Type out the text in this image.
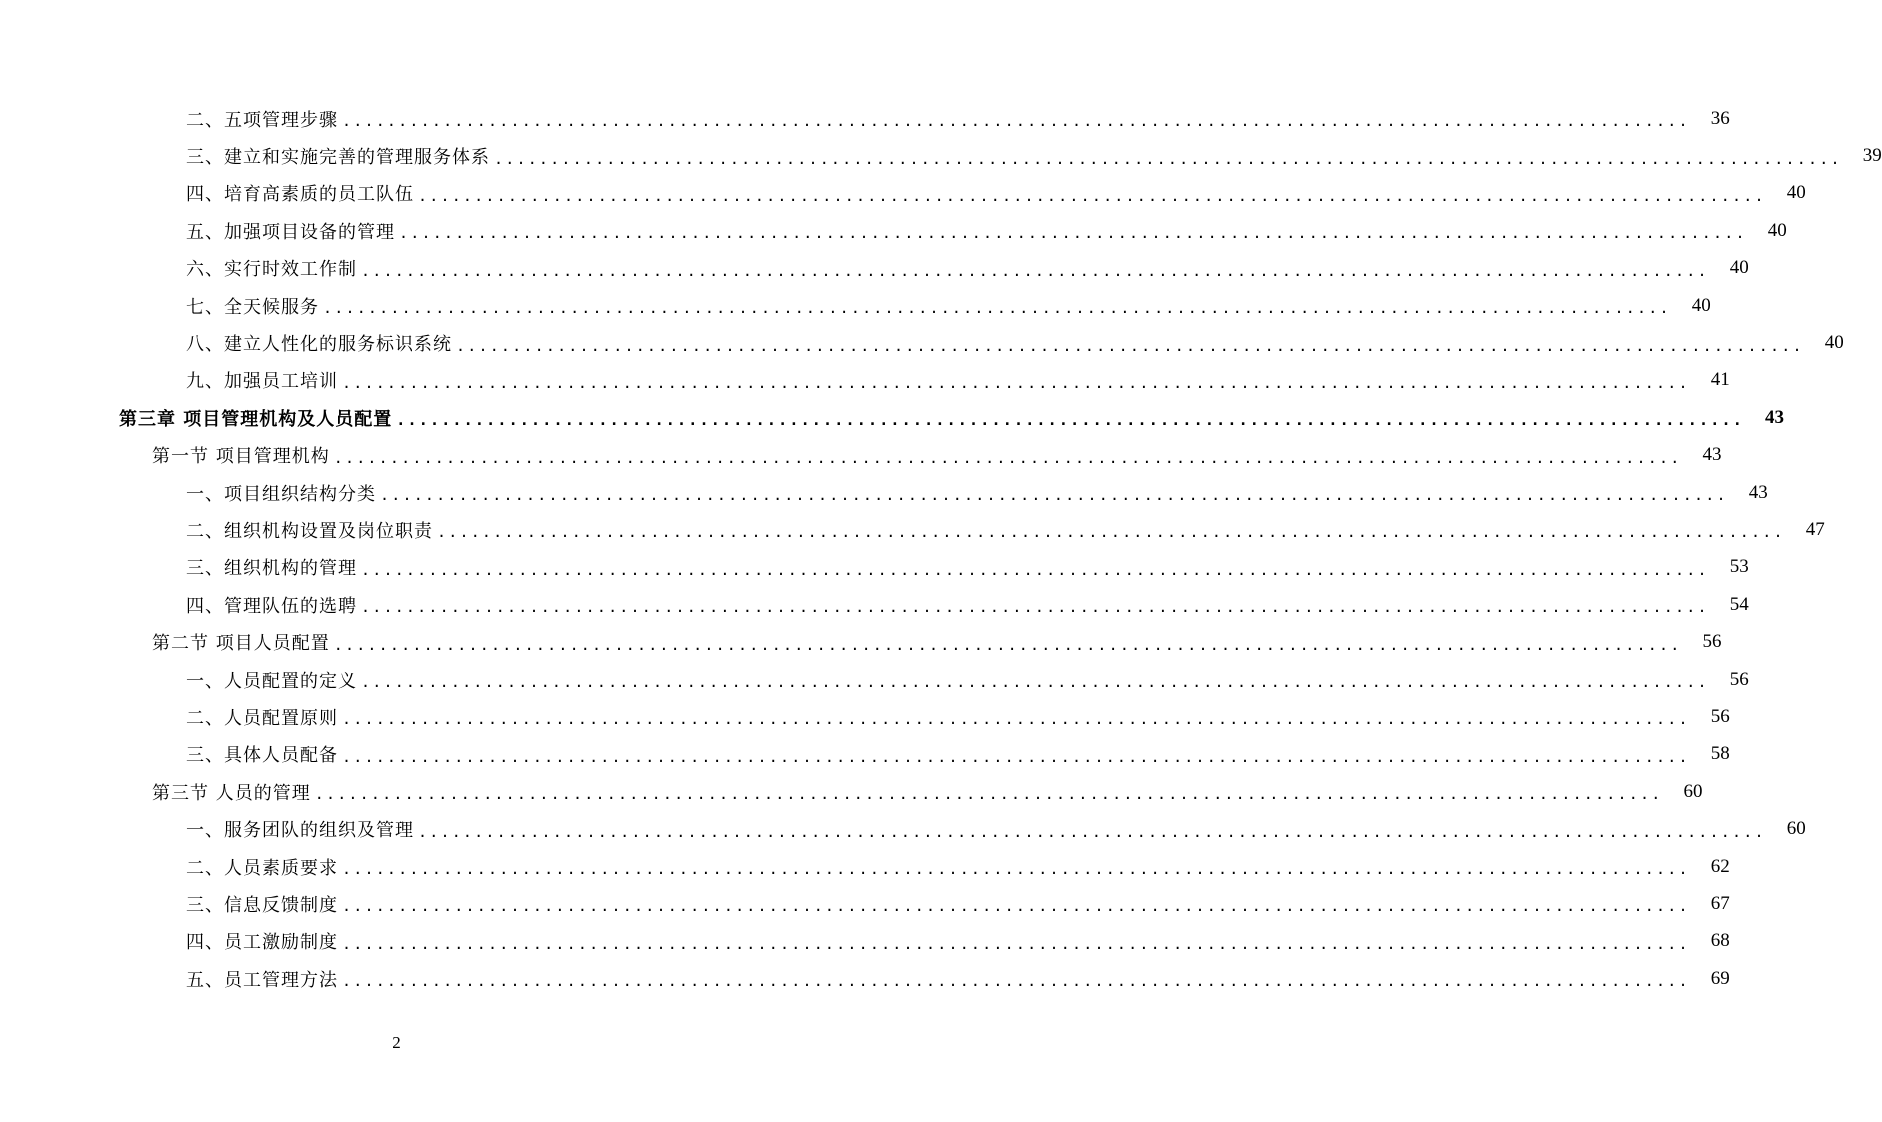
二、五项管理步骤 ........................................................................................................................	36
三、建立和实施完善的管理服务体系 ........................................................................................................................	39
四、培育高素质的员工队伍 ........................................................................................................................	40
五、加强项目设备的管理 ........................................................................................................................	40
六、实行时效工作制 ........................................................................................................................	40
七、全天候服务 ........................................................................................................................	40
八、建立人性化的服务标识系统 ........................................................................................................................	40
九、加强员工培训 ........................................................................................................................	41
第三章 项目管理机构及人员配置 ........................................................................................................................	43
第一节 项目管理机构 ........................................................................................................................	43
一、项目组织结构分类 ........................................................................................................................	43
二、组织机构设置及岗位职责 ........................................................................................................................	47
三、组织机构的管理 ........................................................................................................................	53
四、管理队伍的选聘 ........................................................................................................................	54
第二节 项目人员配置 ........................................................................................................................	56
一、人员配置的定义 ........................................................................................................................	56
二、人员配置原则 ........................................................................................................................	56
三、具体人员配备 ........................................................................................................................	58
第三节 人员的管理 ........................................................................................................................	60
一、服务团队的组织及管理 ........................................................................................................................	60
二、人员素质要求 ........................................................................................................................	62
三、信息反馈制度 ........................................................................................................................	67
四、员工激励制度 ........................................................................................................................	68
五、员工管理方法 ........................................................................................................................	69
2
